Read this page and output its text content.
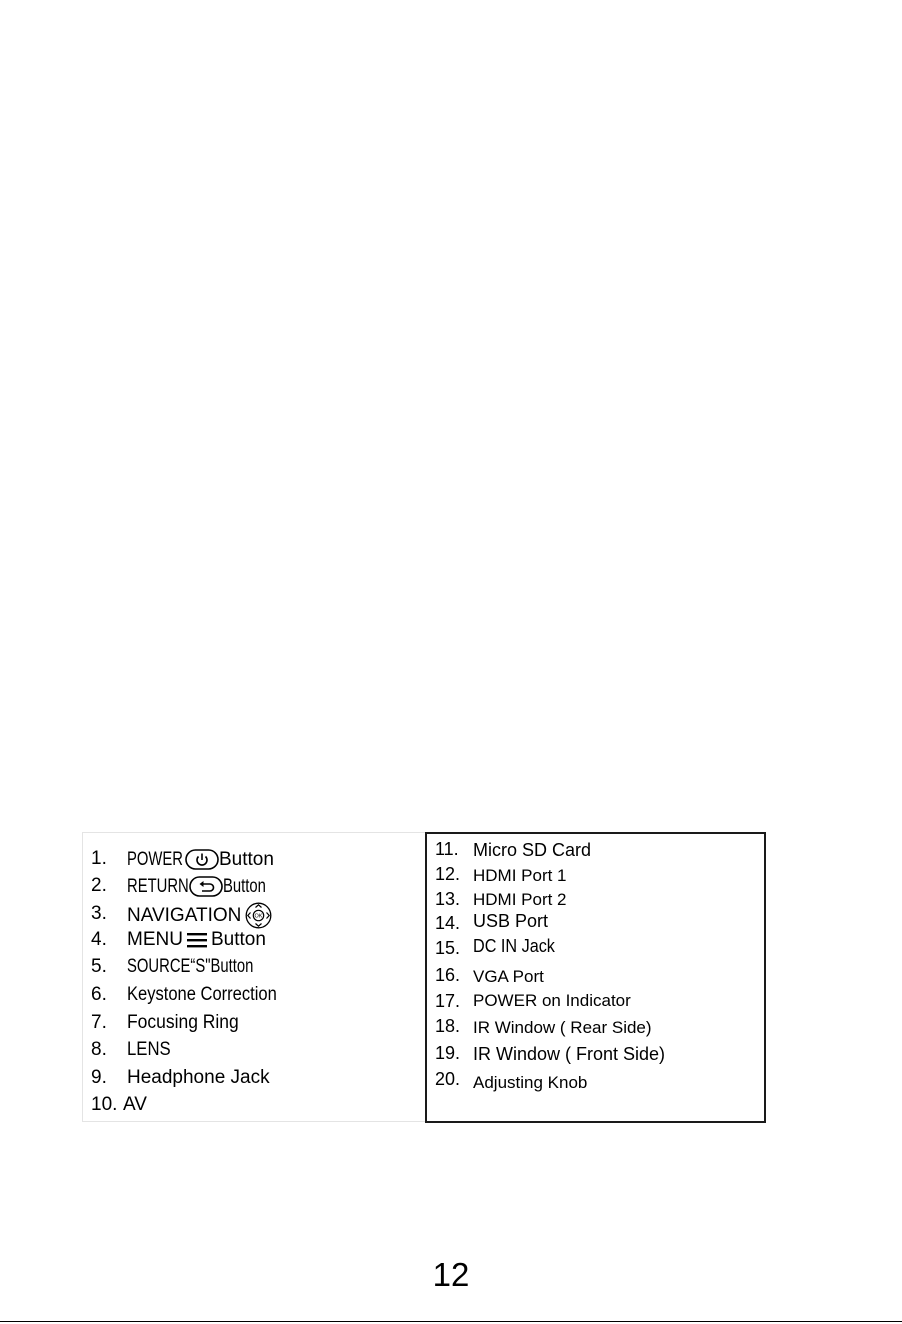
1. POWER Button
2. RETURN Button
3. NAVIGATION OK
4. MENU Button
5. SOURCE“S"Button
6. Keystone Correction
7. Focusing Ring
8. LENS
9. Headphone Jack
10. AV
11. Micro SD Card
12. HDMI Port 1
13. HDMI Port 2
14. USB Port
15. DC IN Jack
16. VGA Port
17. POWER on Indicator
18. IR Window ( Rear Side)
19. IR Window ( Front Side)
20. Adjusting Knob
12
